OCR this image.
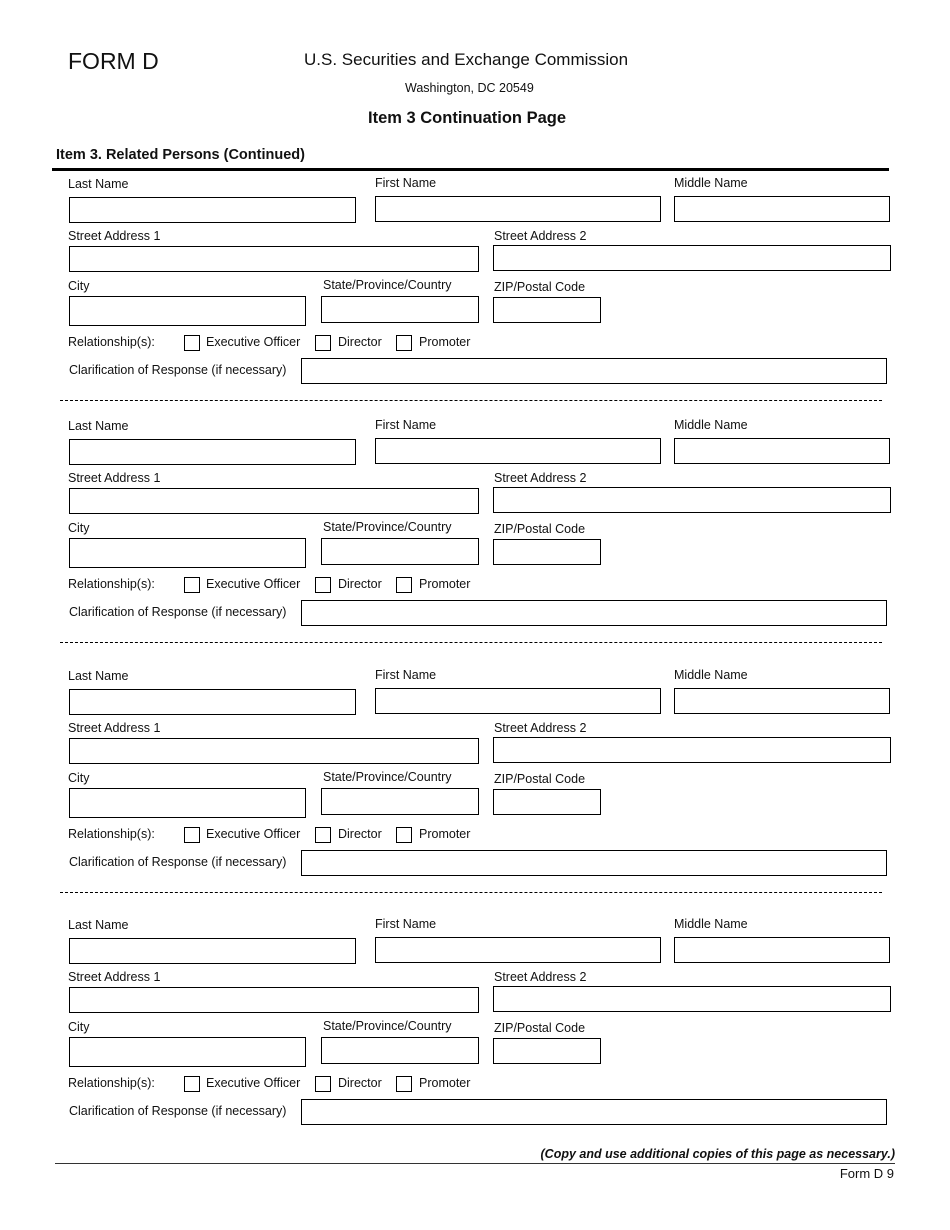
FORM D	U.S. Securities and Exchange Commission
Washington, DC 20549
Item 3 Continuation Page
Item 3. Related Persons (Continued)
Last Name	First Name	Middle Name
Street Address 1	Street Address 2
City	State/Province/Country	ZIP/Postal Code
Relationship(s):	Executive Officer	Director	Promoter
Clarification of Response (if necessary)
Last Name	First Name	Middle Name
Street Address 1	Street Address 2
City	State/Province/Country	ZIP/Postal Code
Relationship(s):	Executive Officer	Director	Promoter
Clarification of Response (if necessary)
Last Name	First Name	Middle Name
Street Address 1	Street Address 2
City	State/Province/Country	ZIP/Postal Code
Relationship(s):	Executive Officer	Director	Promoter
Clarification of Response (if necessary)
Last Name	First Name	Middle Name
Street Address 1	Street Address 2
City	State/Province/Country	ZIP/Postal Code
Relationship(s):	Executive Officer	Director	Promoter
Clarification of Response (if necessary)
(Copy and use additional copies of this page as necessary.)
Form D 9
